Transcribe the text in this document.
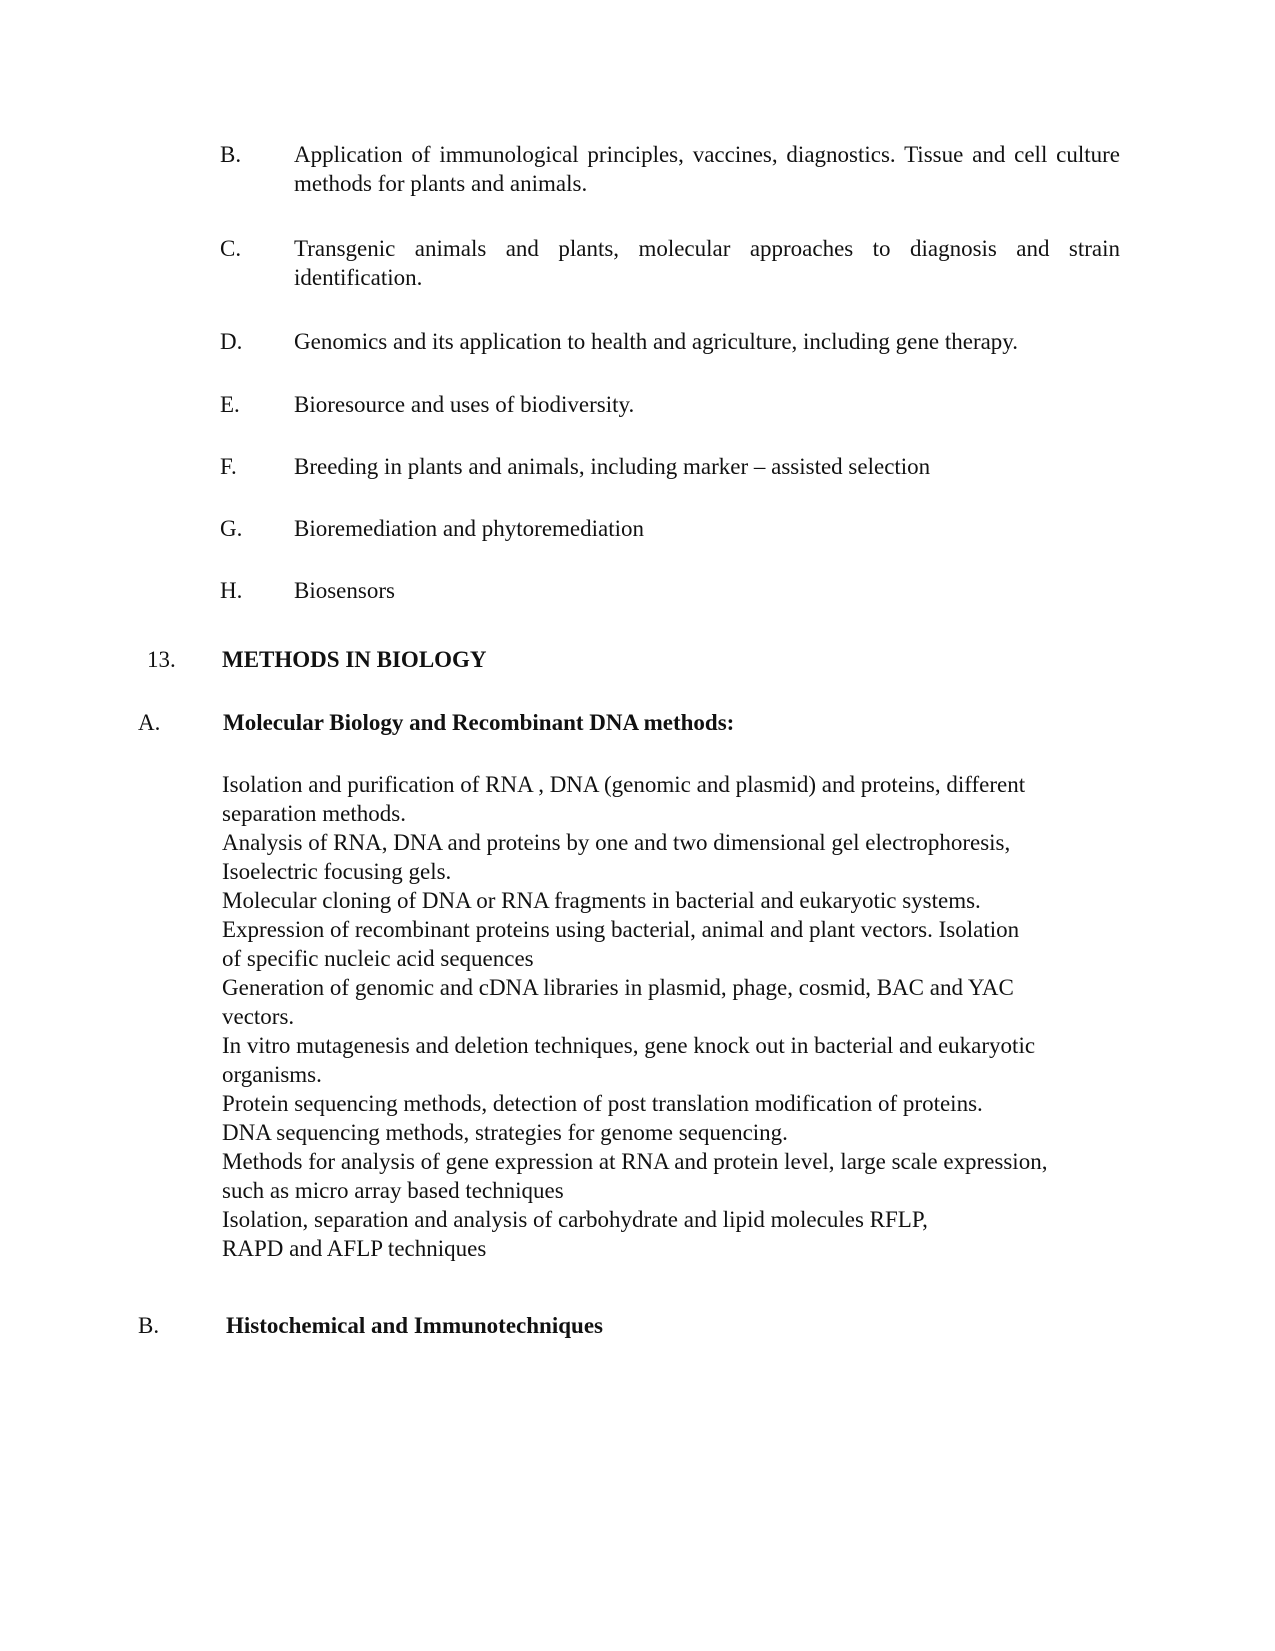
B. Application of immunological principles, vaccines, diagnostics. Tissue and cell culture methods for plants and animals.
C. Transgenic animals and plants, molecular approaches to diagnosis and strain identification.
D. Genomics and its application to health and agriculture, including gene therapy.
E. Bioresource and uses of biodiversity.
F. Breeding in plants and animals, including marker – assisted selection
G. Bioremediation and phytoremediation
H. Biosensors
13. METHODS IN BIOLOGY
A.	Molecular Biology and Recombinant DNA methods:
Isolation and purification of RNA , DNA (genomic and plasmid) and proteins, different
separation methods.
Analysis of RNA, DNA and proteins by one and two dimensional gel electrophoresis,
Isoelectric focusing gels.
Molecular cloning of DNA or RNA fragments in bacterial and eukaryotic systems.
Expression of recombinant proteins using bacterial, animal and plant vectors. Isolation
of specific nucleic acid sequences
Generation of genomic and cDNA libraries in plasmid, phage, cosmid, BAC and YAC
vectors.
In vitro mutagenesis and deletion techniques, gene knock out in bacterial and eukaryotic
organisms.
Protein sequencing methods, detection of post translation modification of proteins.
DNA sequencing methods, strategies for genome sequencing.
Methods for analysis of gene expression at RNA and protein level, large scale expression,
such as micro array based techniques
Isolation, separation and analysis of carbohydrate and lipid molecules RFLP,
RAPD and AFLP techniques
B.	Histochemical and Immunotechniques
